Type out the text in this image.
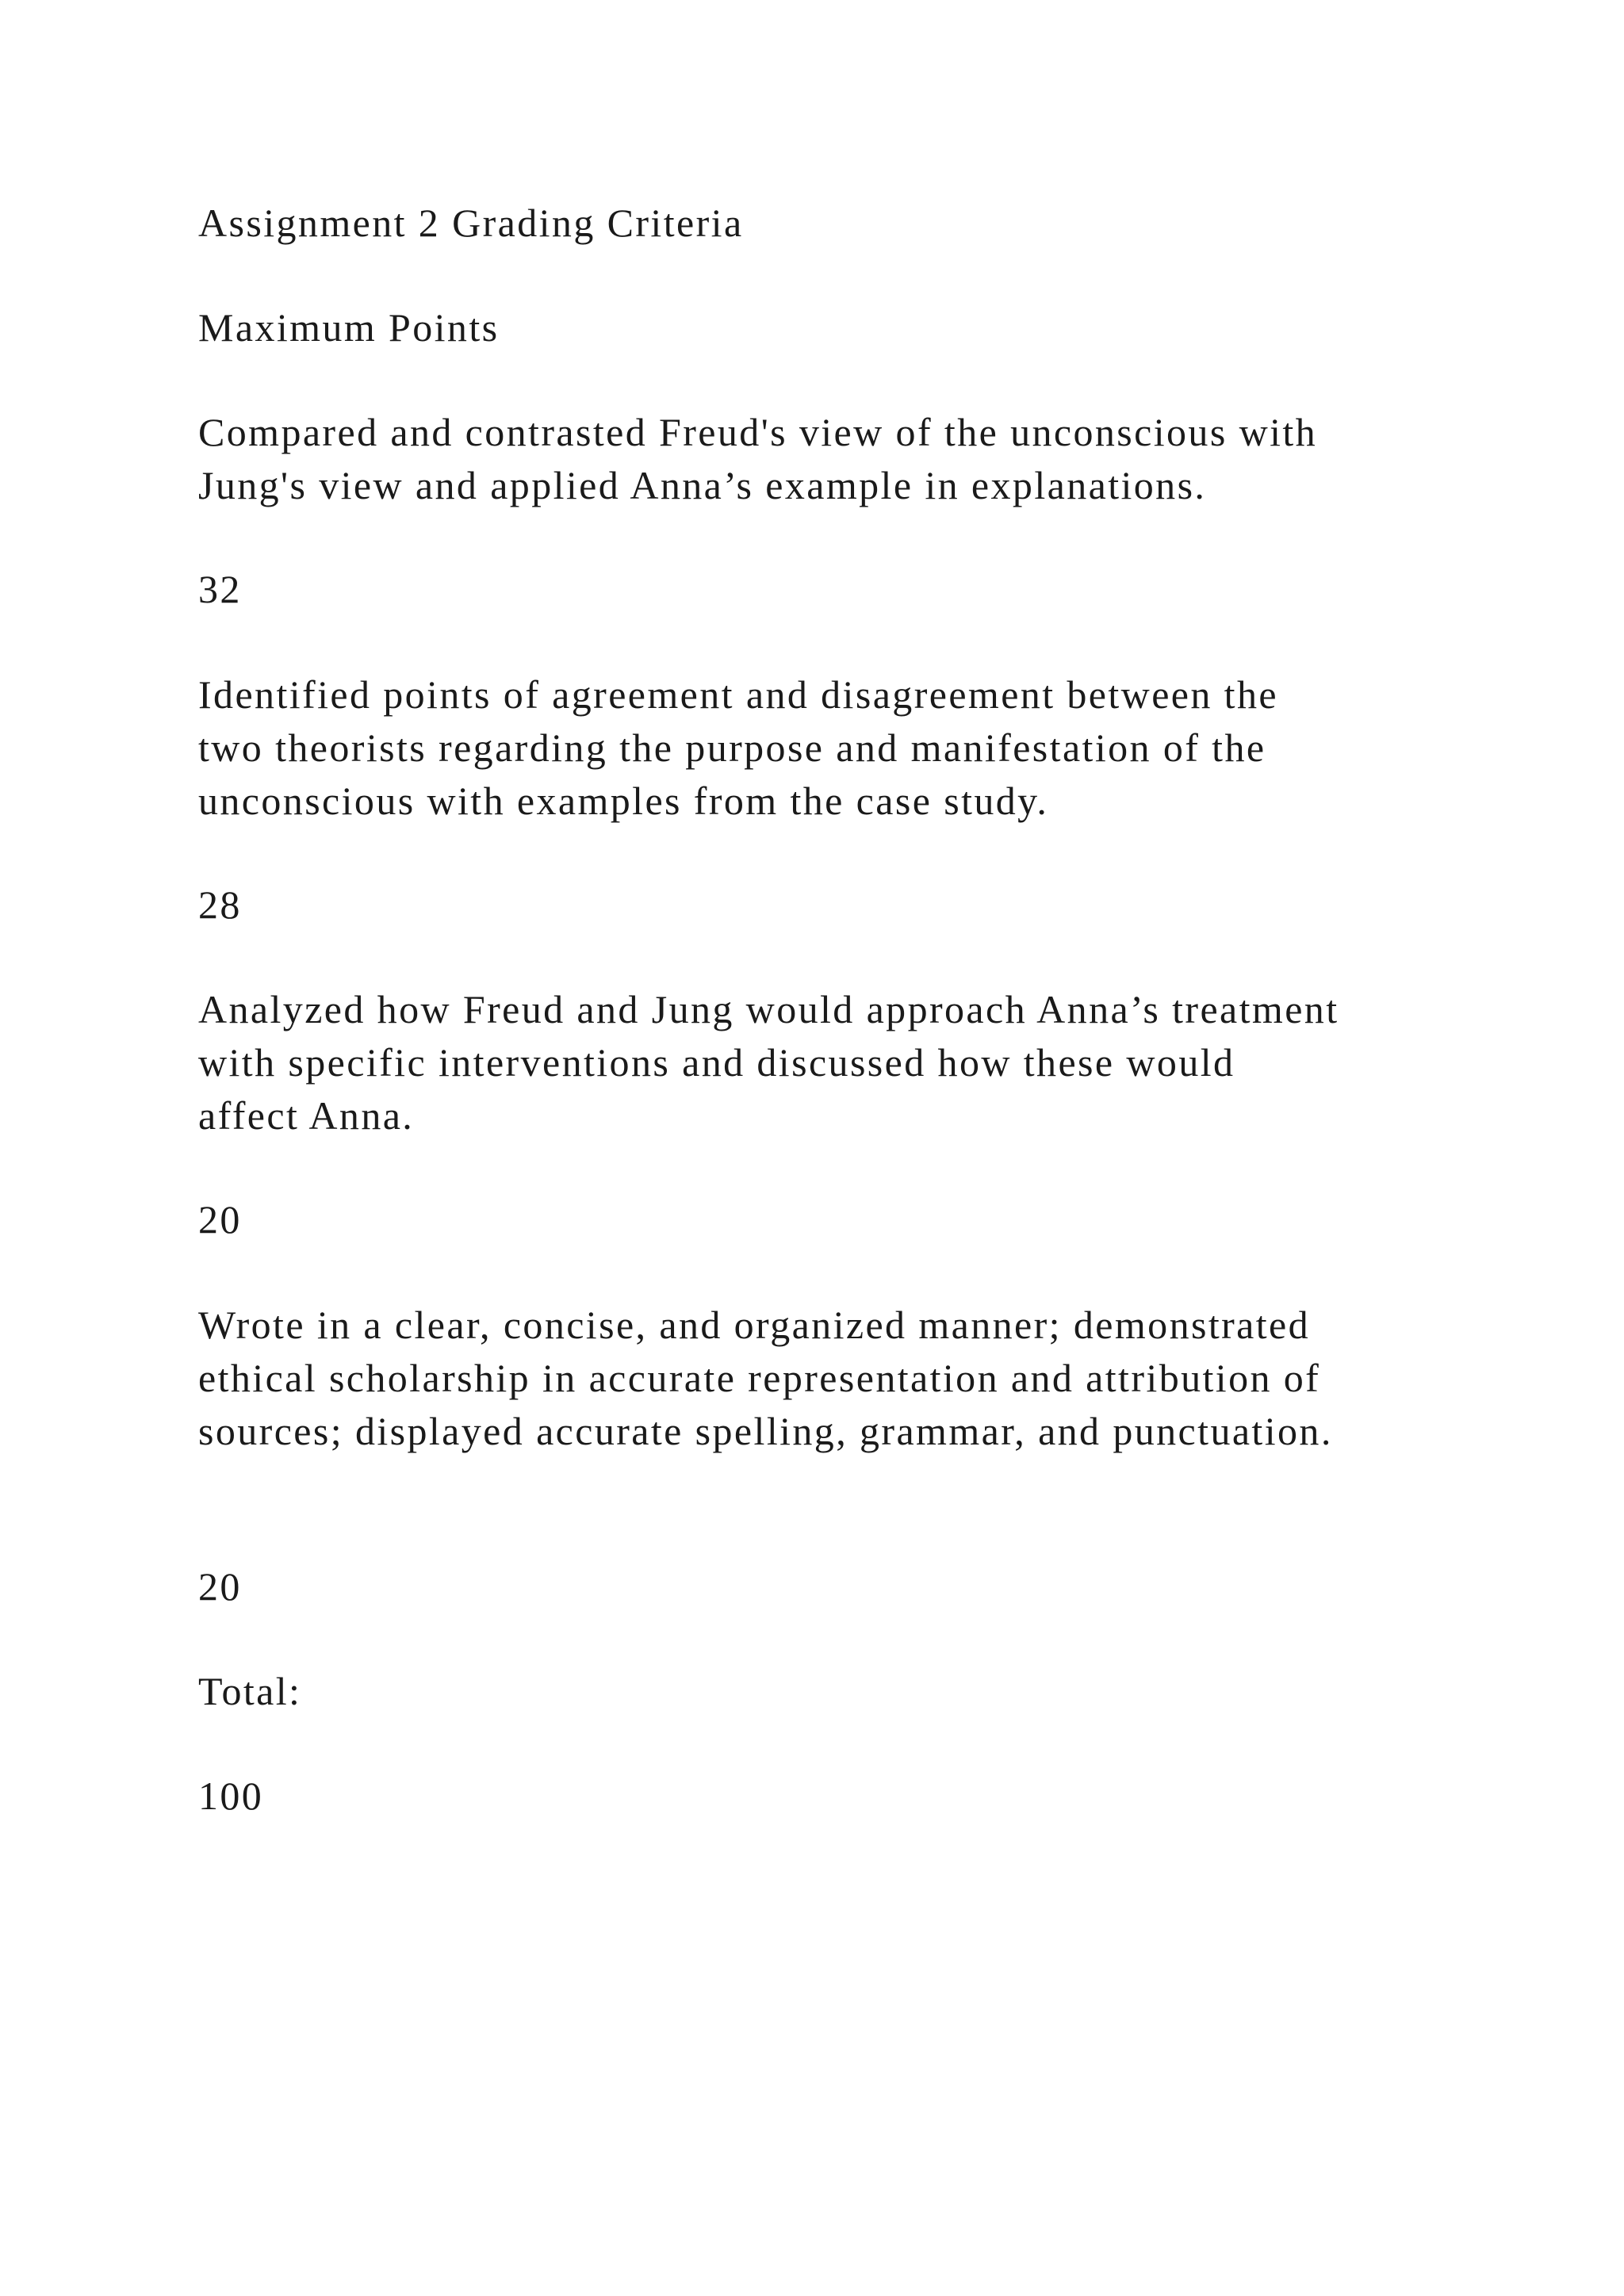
Assignment 2 Grading Criteria
Maximum Points
Compared and contrasted Freud's view of the unconscious with
Jung's view and applied Anna’s example in explanations.
32
Identified points of agreement and disagreement between the
two theorists regarding the purpose and manifestation of the
unconscious with examples from the case study.
28
Analyzed how Freud and Jung would approach Anna’s treatment
with specific interventions and discussed how these would
affect Anna.
20
Wrote in a clear, concise, and organized manner; demonstrated
ethical scholarship in accurate representation and attribution of
sources; displayed accurate spelling, grammar, and punctuation.
20
Total:
100
